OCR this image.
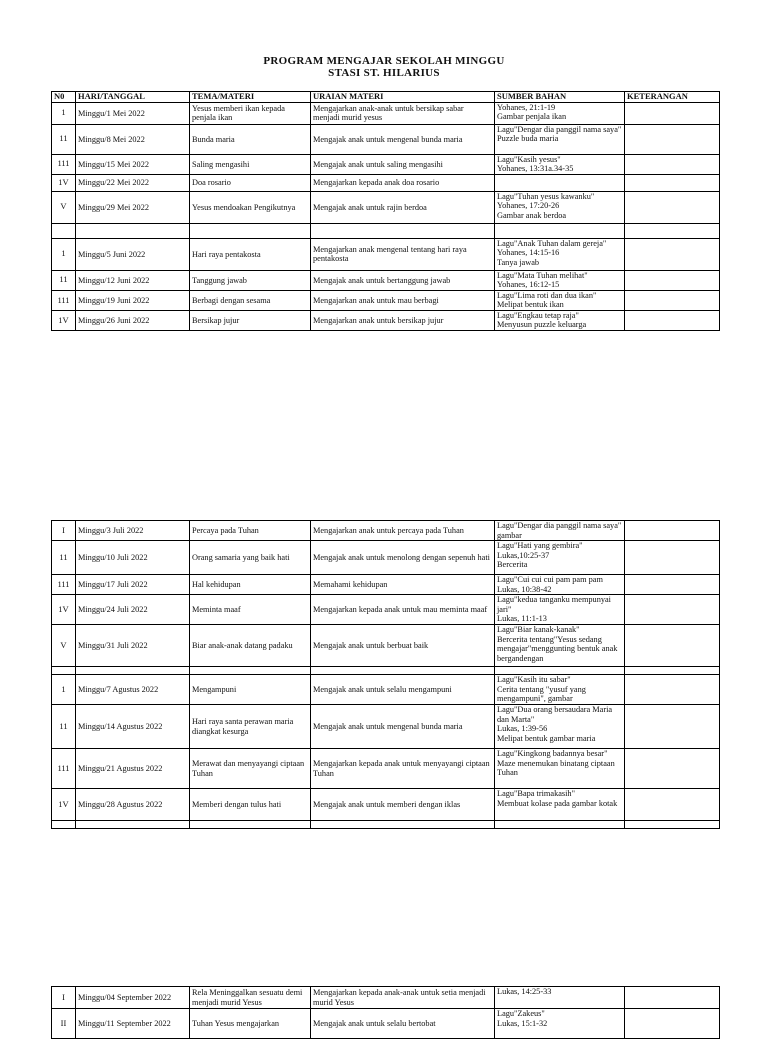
PROGRAM MENGAJAR SEKOLAH MINGGU
STASI ST. HILARIUS
N0	HARI/TANGGAL	TEMA/MATERI	URAIAN MATERI	SUMBER BAHAN	KETERANGAN
1	Minggu/1 Mei 2022	Yesus memberi ikan kepada penjala ikan	Mengajarkan anak-anak untuk bersikap sabar menjadi murid yesus	Yohanes, 21:1-19
Gambar penjala ikan	

11	Minggu/8 Mei 2022	Bunda maria	Mengajak anak untuk mengenal bunda maria	Lagu"Dengar dia panggil nama saya"
Puzzle buda maria	

111	Minggu/15 Mei 2022	Saling mengasihi	Mengajak anak untuk saling mengasihi	Lagu"Kasih yesus"
Yohanes, 13:31a.34-35	

1V	Minggu/22 Mei 2022	Doa rosario	Mengajarkan kepada anak doa rosario		
V	Minggu/29 Mei 2022	Yesus mendoakan Pengikutnya	Mengajak anak untuk rajin berdoa	Lagu"Tuhan yesus kawanku"
Yohanes, 17:20-26
Gambar anak berdoa	

1	Minggu/5 Juni 2022	Hari raya pentakosta	Mengajarkan anak mengenal tentang hari raya pentakosta	Lagu"Anak Tuhan dalam gereja"
Yohanes, 14:15-16
Tanya jawab	

11	Minggu/12 Juni 2022	Tanggung jawab	Mengajak anak untuk bertanggung jawab	Lagu"Mata Tuhan melihat"
Yohanes, 16:12-15	

111	Minggu/19 Juni 2022	Berbagi dengan sesama	Mengajarkan anak untuk mau berbagi	Lagu"Lima roti dan dua ikan"
Melipat bentuk ikan	

1V	Minggu/26 Juni 2022	Bersikap jujur	Mengajarkan anak untuk bersikap jujur	Lagu"Engkau tetap raja"
Menyusun puzzle keluarga	

I	Minggu/3 Juli 2022	Percaya pada Tuhan	Mengajarkan anak untuk percaya pada Tuhan	Lagu"Dengar dia panggil nama saya" gambar	

11	Minggu/10 Juli 2022	Orang samaria yang baik hati	Mengajak anak untuk menolong dengan sepenuh hati	Lagu"Hati yang gembira"
Lukas,10:25-37
Bercerita	

111	Minggu/17 Juli 2022	Hal kehidupan	Memahami kehidupan	Lagu"Cui cui cui pam pam pam
Lukas, 10:38-42	

1V	Minggu/24 Juli 2022	Meminta maaf	Mengajarkan kepada anak untuk mau meminta maaf	Lagu"kedua tanganku mempunyai jari"
Lukas, 11:1-13	

V	Minggu/31 Juli 2022	Biar anak-anak datang padaku	Mengajak anak untuk berbuat baik	Lagu"Biar kanak-kanak"
Bercerita tentang"Yesus sedang mengajar"menggunting bentuk anak bergandengan	

1	Minggu/7 Agustus 2022	Mengampuni	Mengajak anak untuk selalu mengampuni	Lagu"Kasih itu sabar"
Cerita tentang "yusuf yang mengampuni", gambar	

11	Minggu/14 Agustus 2022	Hari raya santa perawan maria diangkat kesurga	Mengajak anak untuk mengenal bunda maria	Lagu"Dua orang bersaudara Maria dan Marta"
Lukas, 1:39-56
Melipat bentuk gambar maria	

111	Minggu/21 Agustus 2022	Merawat dan menyayangi ciptaan Tuhan	Mengajarkan kepada anak untuk menyayangi ciptaan Tuhan	Lagu"Kingkong badannya besar"
Maze menemukan binatang ciptaan Tuhan	

1V	Minggu/28 Agustus 2022	Memberi dengan tulus hati	Mengajak anak untuk memberi dengan iklas	Lagu"Bapa trimakasih"
Membuat kolase pada gambar kotak	

I	Minggu/04 September 2022	Rela Meninggalkan sesuatu demi menjadi murid Yesus	Mengajarkan kepada anak-anak untuk setia menjadi murid Yesus	Lukas, 14:25-33	

II	Minggu/11 September 2022	Tuhan Yesus mengajarkan	Mengajak anak untuk selalu bertobat	Lagu"Zakeus"
Lukas, 15:1-32	
